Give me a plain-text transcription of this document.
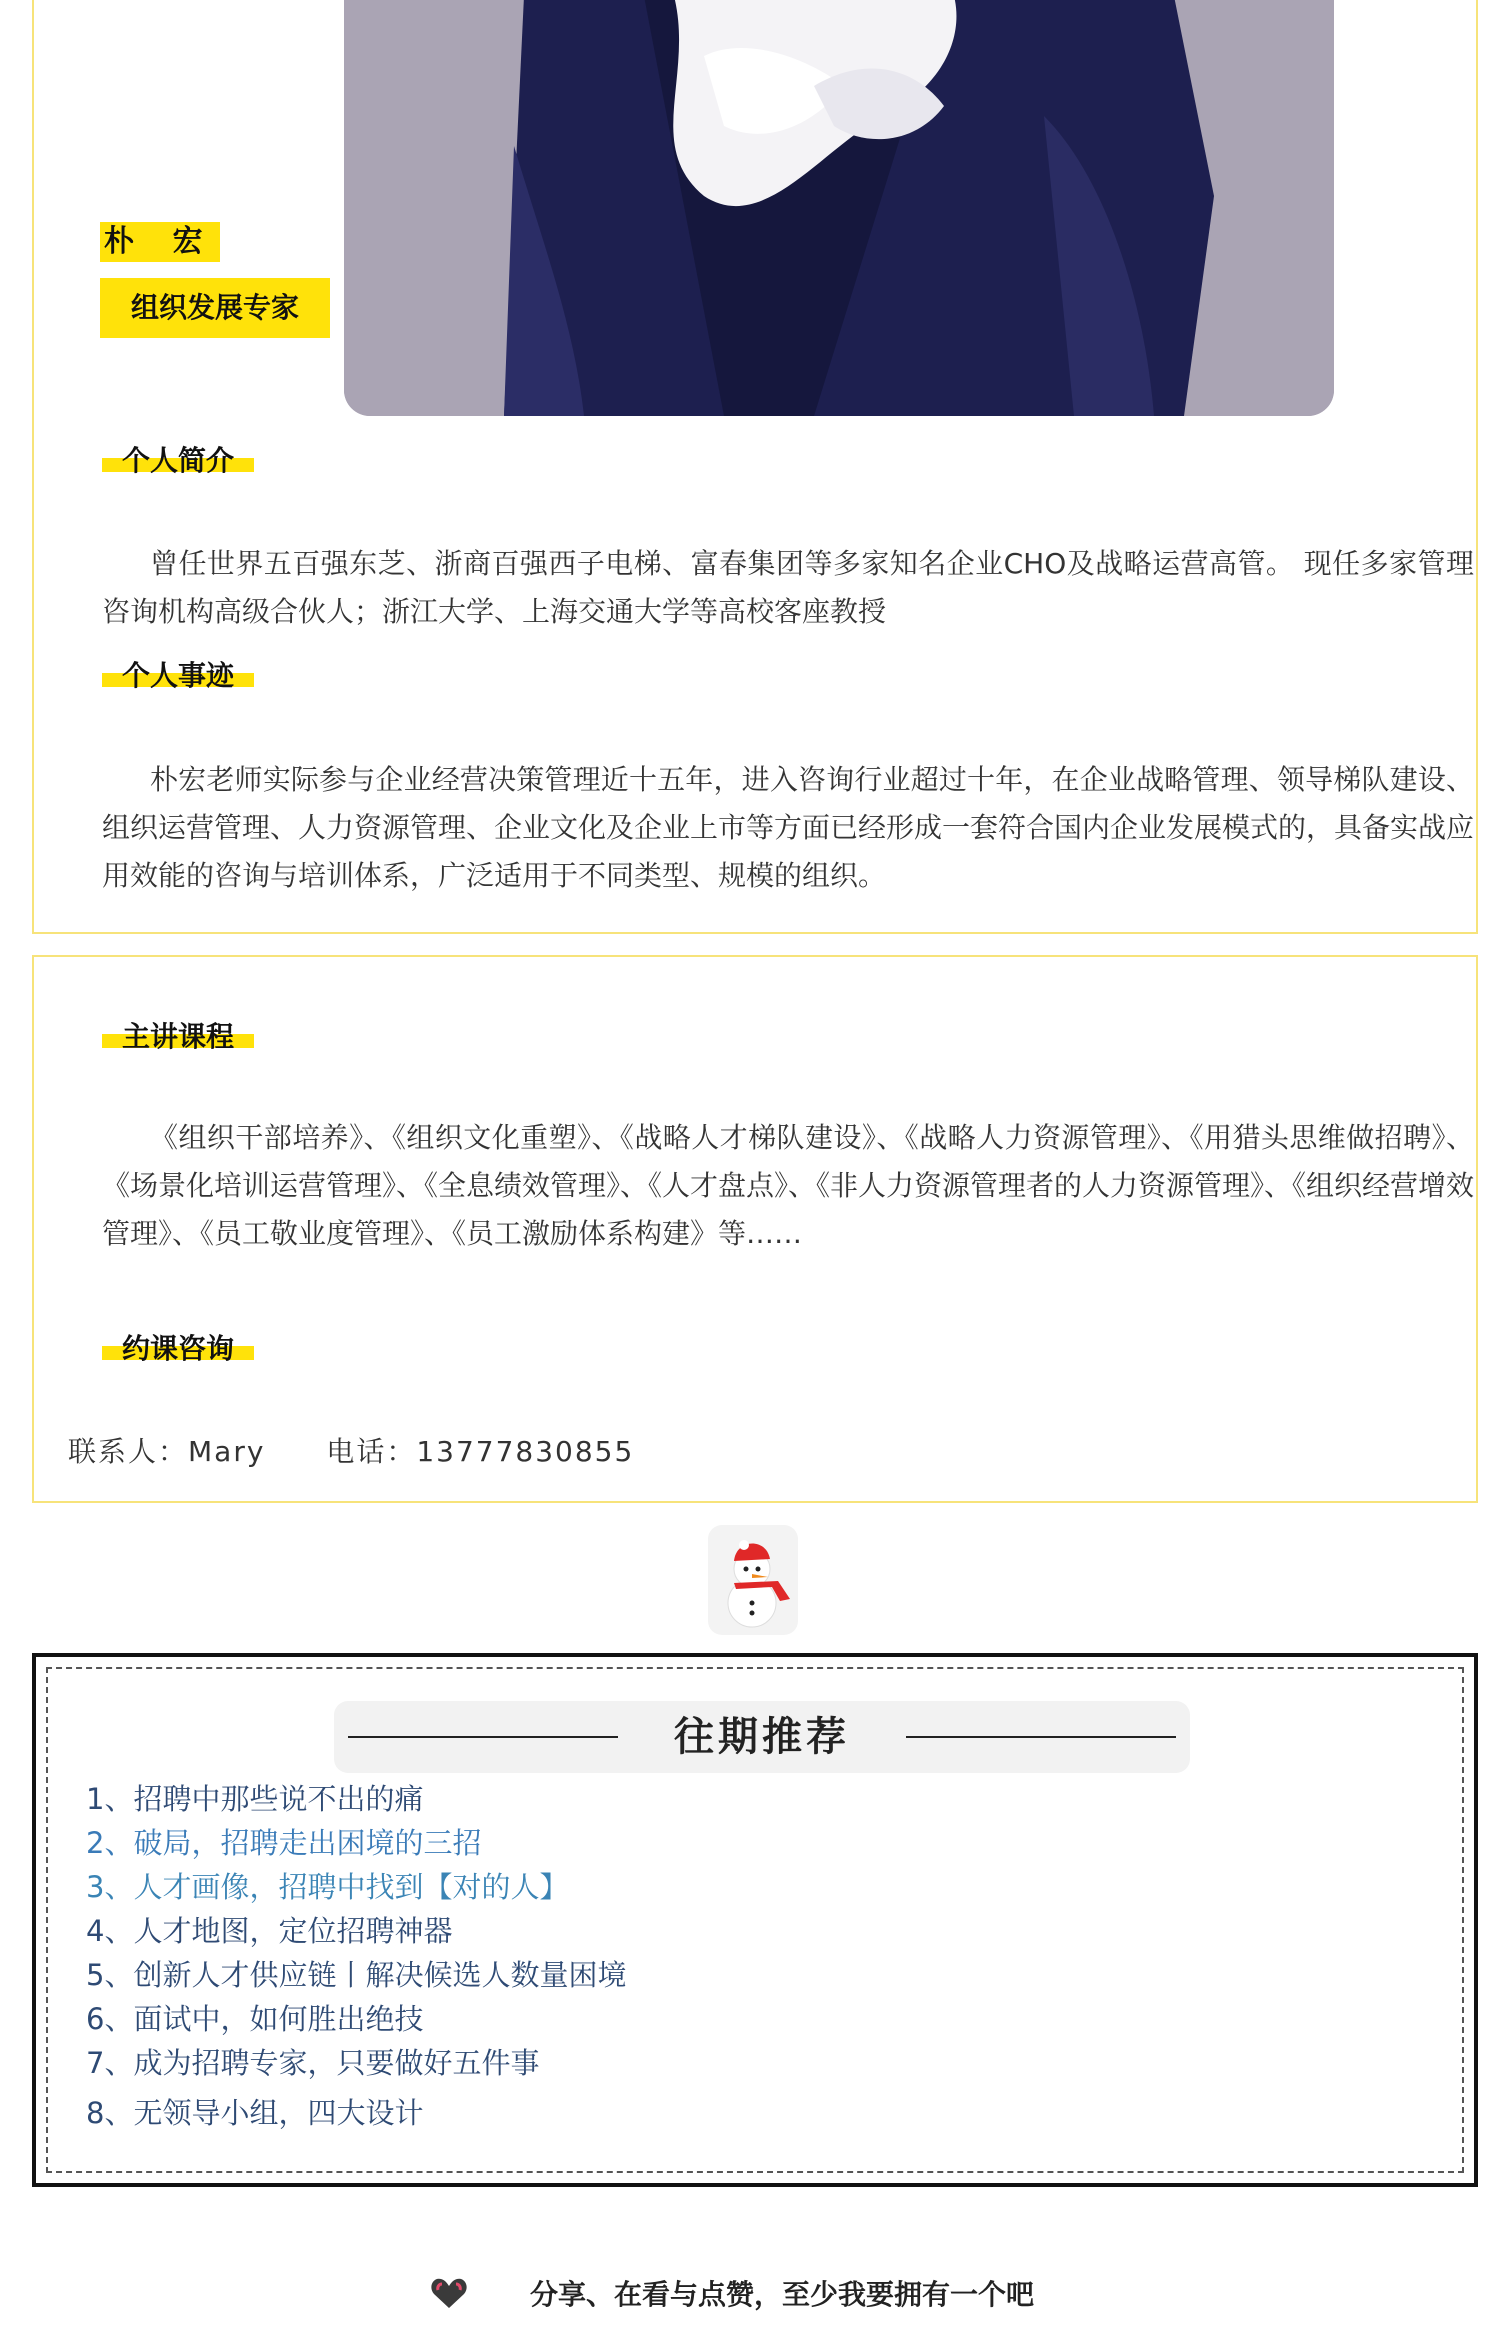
朴 宏
组织发展专家
个人简介

曾任世界五百强东芝、浙商百强西子电梯、富春集团等多家知名企业CHO及战略运营高管。 现任多家管理咨询机构高级合伙人；浙江大学、上海交通大学等高校客座教授

个人事迹

朴宏老师实际参与企业经营决策管理近十五年，进入咨询行业超过十年，在企业战略管理、领导梯队建设、组织运营管理、人力资源管理、企业文化及企业上市等方面已经形成一套符合国内企业发展模式的，具备实战应用效能的咨询与培训体系，广泛适用于不同类型、规模的组织。

主讲课程

《组织干部培养》、《组织文化重塑》、《战略人才梯队建设》、《战略人力资源管理》、《用猎头思维做招聘》、《场景化培训运营管理》、《全息绩效管理》、《人才盘点》、《非人力资源管理者的人力资源管理》、《组织经营增效管理》、《员工敬业度管理》、《员工激励体系构建》等……

约课咨询
联系人：Mary 电话：13777830855
往期推荐
1、招聘中那些说不出的痛
2、破局，招聘走出困境的三招
3、人才画像，招聘中找到【对的人】
4、人才地图，定位招聘神器
5、创新人才供应链丨解决候选人数量困境
6、面试中，如何胜出绝技
7、成为招聘专家，只要做好五件事
8、无领导小组，四大设计
分享、在看与点赞，至少我要拥有一个吧
